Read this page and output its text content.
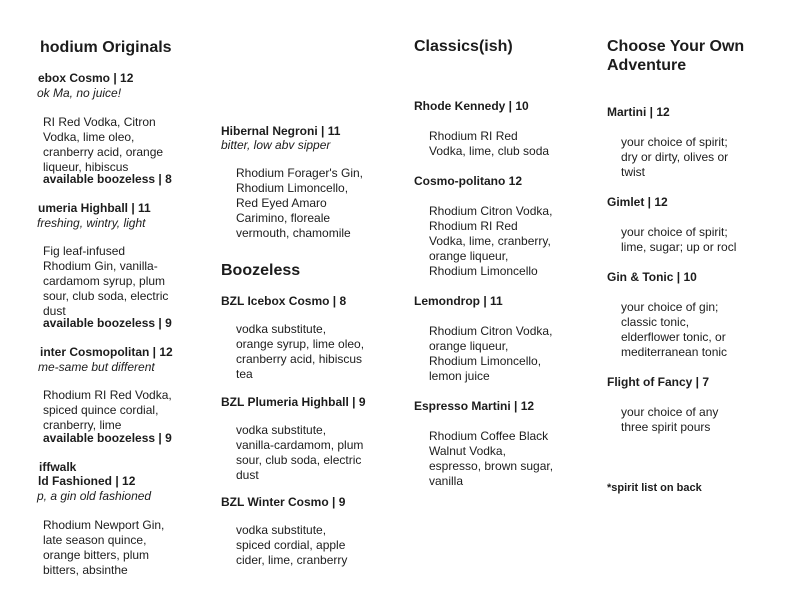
hodium Originals
ebox Cosmo | 12
ok Ma, no juice!
RI Red Vodka, Citron
Vodka, lime oleo,
cranberry acid, orange
liqueur, hibiscus
available boozeless | 8
umeria Highball | 11
freshing, wintry, light
Fig leaf-infused
Rhodium Gin, vanilla-
cardamom syrup, plum
sour, club soda, electric
dust
available boozeless | 9
inter Cosmopolitan | 12
me-same but different
Rhodium RI Red Vodka,
spiced quince cordial,
cranberry, lime
available boozeless | 9
iffwalk
ld Fashioned | 12
p, a gin old fashioned
Rhodium Newport Gin,
late season quince,
orange bitters, plum
bitters, absinthe
Hibernal Negroni | 11
bitter, low abv sipper
Rhodium Forager's Gin,
Rhodium Limoncello,
Red Eyed Amaro
Carimino, floreale
vermouth, chamomile
Boozeless
BZL Icebox Cosmo | 8
vodka substitute,
orange syrup, lime oleo,
cranberry acid, hibiscus
tea
BZL Plumeria Highball | 9
vodka substitute,
vanilla-cardamom, plum
sour, club soda, electric
dust
BZL Winter Cosmo | 9
vodka substitute,
spiced cordial, apple
cider, lime, cranberry
Classics(ish)
Rhode Kennedy | 10
Rhodium RI Red
Vodka, lime, club soda
Cosmo-politano 12
Rhodium Citron Vodka,
Rhodium RI Red
Vodka, lime, cranberry,
orange liqueur,
Rhodium Limoncello
Lemondrop | 11
Rhodium Citron Vodka,
orange liqueur,
Rhodium Limoncello,
lemon juice
Espresso Martini | 12
Rhodium Coffee Black
Walnut Vodka,
espresso, brown sugar,
vanilla
Choose Your Own
Adventure
Martini | 12
your choice of spirit;
dry or dirty, olives or
twist
Gimlet | 12
your choice of spirit;
lime, sugar; up or rocl
Gin & Tonic | 10
your choice of gin;
classic tonic,
elderflower tonic, or
mediterranean tonic
Flight of Fancy | 7
your choice of any
three spirit pours
*spirit list on back
